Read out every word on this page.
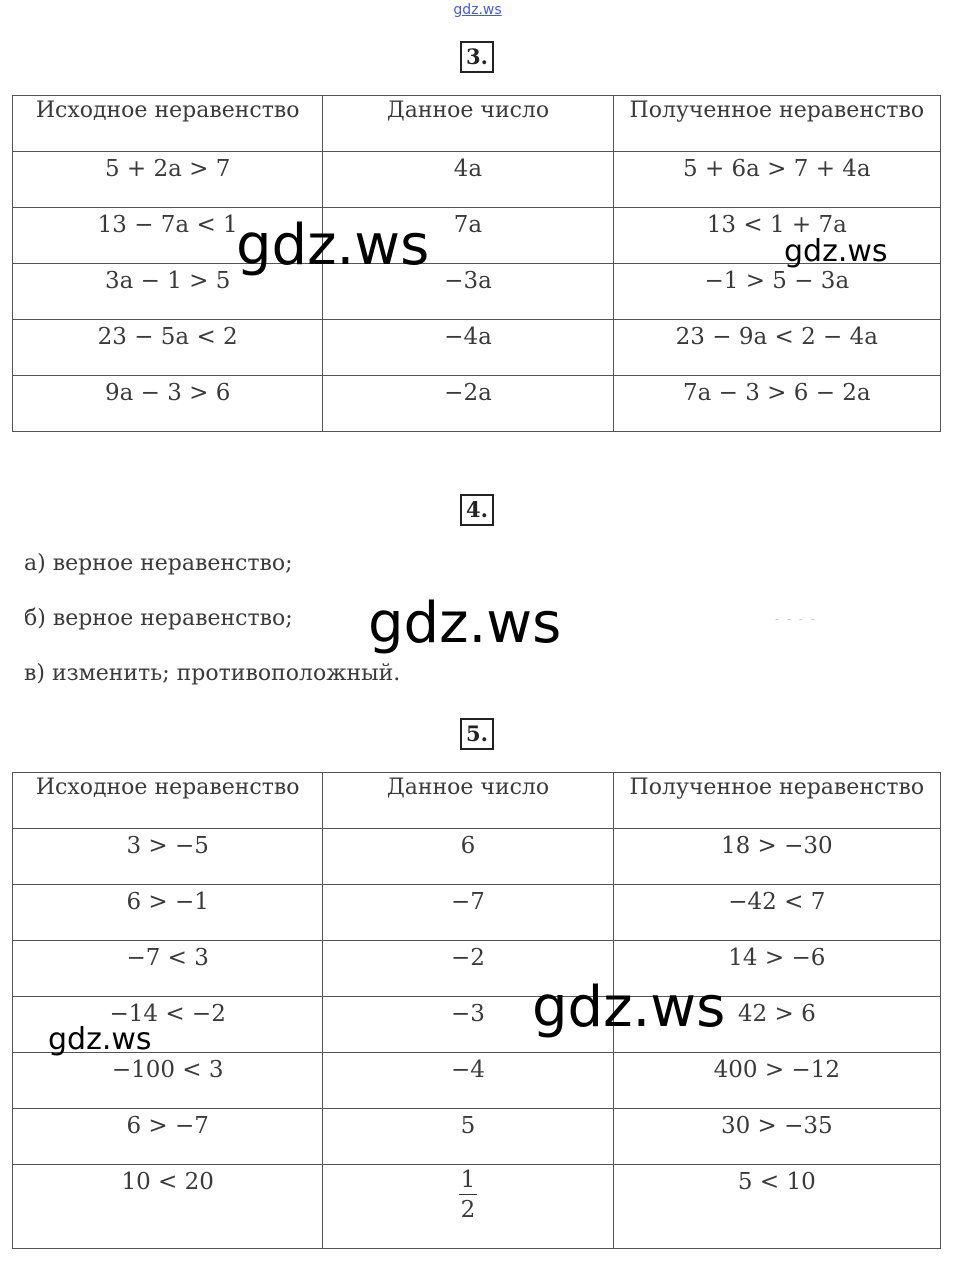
gdz.ws
3.
Исходное неравенство	Данное число	Полученное неравенство
5 + 2a > 7	4a	5 + 6a > 7 + 4a
13 − 7a < 1	7a	13 < 1 + 7a
3a − 1 > 5	−3a	−1 > 5 − 3a
23 − 5a < 2	−4a	23 − 9a < 2 − 4a
9a − 3 > 6	−2a	7a − 3 > 6 − 2a
4.
а) верное неравенство;
б) верное неравенство;
в) изменить; противоположный.
- - - -
5.
Исходное неравенство	Данное число	Полученное неравенство
3 > −5	6	18 > −30
6 > −1	−7	−42 < 7
−7 < 3	−2	14 > −6
−14 < −2	−3	42 > 6
−100 < 3	−4	400 > −12
6 > −7	5	30 > −35
10 < 20	$\frac{1}{2}$	5 < 10
gdz.ws	gdz.ws
gdz.ws
gdz.ws
gdz.ws
